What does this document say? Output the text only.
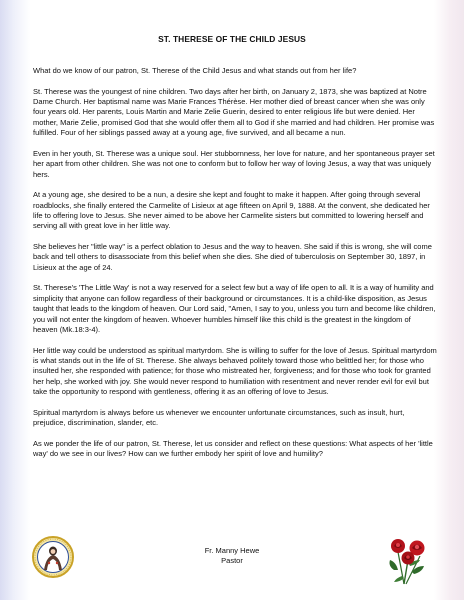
ST. THERESE OF THE CHILD JESUS

What do we know of our patron, St. Therese of the Child Jesus and what stands out from her life?

St. Therese was the youngest of nine children. Two days after her birth, on January 2, 1873, she was baptized at Notre Dame Church. Her baptismal name was Marie Frances Thérèse. Her mother died of breast cancer when she was only four years old. Her parents, Louis Martin and Marie Zelie Guerin, desired to enter religious life but were denied. Her mother, Marie Zelie, promised God that she would offer them all to God if she married and had children. Her promise was fulfilled. Four of her siblings passed away at a young age, five survived, and all became a nun.

Even in her youth, St. Therese was a unique soul. Her stubbornness, her love for nature, and her spontaneous prayer set her apart from other children. She was not one to conform but to follow her way of loving Jesus, a way that was uniquely hers.

At a young age, she desired to be a nun, a desire she kept and fought to make it happen. After going through several roadblocks, she finally entered the Carmelite of Lisieux at age fifteen on April 9, 1888. At the convent, she dedicated her life to offering love to Jesus. She never aimed to be above her Carmelite sisters but committed to lowering herself and serving all with great love in her little way.

She believes her "little way" is a perfect oblation to Jesus and the way to heaven. She said if this is wrong, she will come back and tell others to disassociate from this belief when she dies. She died of tuberculosis on September 30, 1897, in Lisieux at the age of 24.

St. Therese's 'The Little Way' is not a way reserved for a select few but a way of life open to all. It is a way of humility and simplicity that anyone can follow regardless of their background or circumstances. It is a child-like disposition, as Jesus taught that leads to the kingdom of heaven. Our Lord said, "Amen, I say to you, unless you turn and become like children, you will not enter the kingdom of heaven. Whoever humbles himself like this child is the greatest in the kingdom of heaven (Mk.18:3-4).

Her little way could be understood as spiritual martyrdom. She is willing to suffer for the love of Jesus. Spiritual martyrdom is what stands out in the life of St. Therese. She always behaved politely toward those who belittled her; for those who insulted her, she responded with patience; for those who mistreated her, forgiveness; and for those who took for granted her help, she worked with joy. She would never respond to humiliation with resentment and never render evil for evil but take the opportunity to respond with gentleness, offering it as an offering of love to Jesus.

Spiritual martyrdom is always before us whenever we encounter unfortunate circumstances, such as insult, hurt, prejudice, discrimination, slander, etc.

As we ponder the life of our patron, St. Therese, let us consider and reflect on these questions: What aspects of her 'little way' do we see in our lives? How can we further embody her spirit of love and humility?

Fr. Manny Hewe
Pastor
